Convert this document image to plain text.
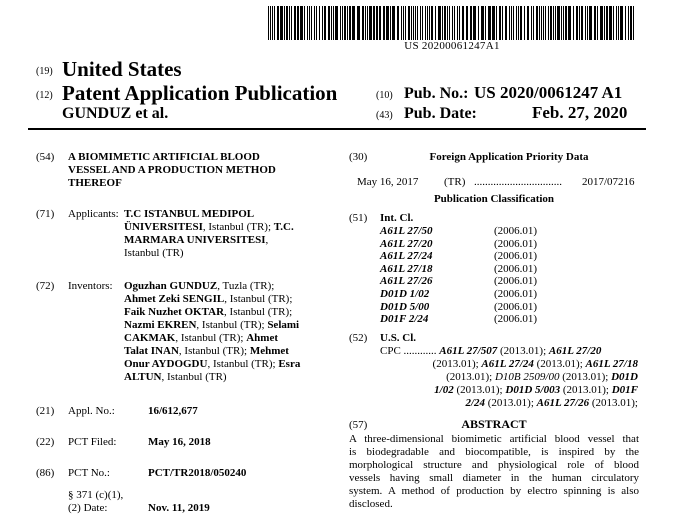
US 20200061247A1
(19) United States
(12) Patent Application Publication
GUNDUZ et al.
(10) Pub. No.: US 2020/0061247 A1
(43) Pub. Date:	Feb. 27, 2020
(54) A BIOMIMETIC ARTIFICIAL BLOOD
VESSEL AND A PRODUCTION METHOD
THEREOF
(71) Applicants: T.C ISTANBUL MEDIPOL
ÜNIVERSITESI, Istanbul (TR); T.C.
MARMARA UNIVERSITESI,
Istanbul (TR)
(72) Inventors: Oguzhan GUNDUZ, Tuzla (TR);
Ahmet Zeki SENGIL, Istanbul (TR);
Faik Nuzhet OKTAR, Istanbul (TR);
Nazmi EKREN, Istanbul (TR); Selami
CAKMAK, Istanbul (TR); Ahmet
Talat INAN, Istanbul (TR); Mehmet
Onur AYDOGDU, Istanbul (TR); Esra
ALTUN, Istanbul (TR)
(21) Appl. No.:	16/612,677
(22) PCT Filed:	May 16, 2018
(86) PCT No.:	PCT/TR2018/050240
§ 371 (c)(1),
(2) Date:	Nov. 11, 2019
(30)	Foreign Application Priority Data
May 16, 2017 (TR) ................................ 2017/07216
Publication Classification
(51) Int. Cl.
A61L 27/50	(2006.01)
A61L 27/20	(2006.01)
A61L 27/24	(2006.01)
A61L 27/18	(2006.01)
A61L 27/26	(2006.01)
D01D 1/02	(2006.01)
D01D 5/00	(2006.01)
D01F 2/24	(2006.01)
(52) U.S. Cl.
CPC ............ A61L 27/507 (2013.01); A61L 27/20
(2013.01); A61L 27/24 (2013.01); A61L 27/18
(2013.01); D10B 2509/00 (2013.01); D01D
1/02 (2013.01); D01D 5/003 (2013.01); D01F
2/24 (2013.01); A61L 27/26 (2013.01);
(57)	ABSTRACT
A three-dimensional biomimetic artificial blood vessel that
is biodegradable and biocompatible, is inspired by the
morphological structure and physiological role of blood
vessels having small diameter in the human circulatory
system. A method of production by electro spinning is also
disclosed.
